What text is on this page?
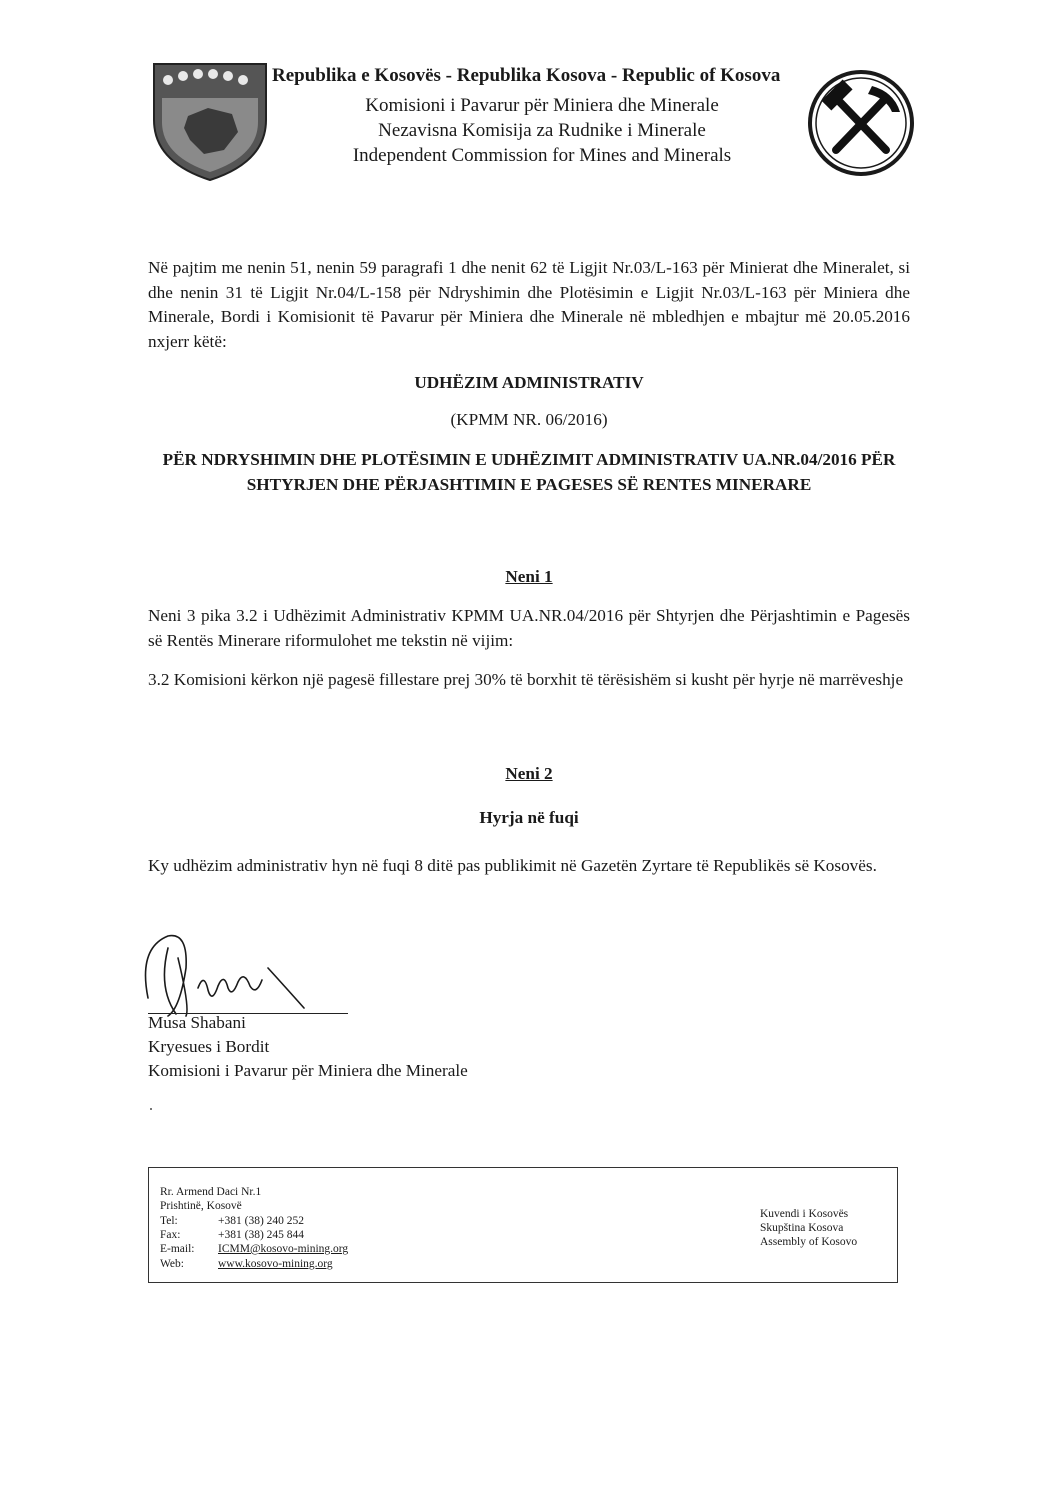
Republika e Kosovës - Republika Kosova - Republic of Kosova
Komisioni i Pavarur për Miniera dhe Minerale
Nezavisna Komisija za Rudnike i Minerale
Independent Commission for Mines and Minerals
Në pajtim me nenin 51, nenin 59 paragrafi 1 dhe nenit 62 të Ligjit Nr.03/L-163 për Minierat dhe Mineralet, si dhe nenin 31 të Ligjit Nr.04/L-158 për Ndryshimin dhe Plotësimin e Ligjit Nr.03/L-163 për Miniera dhe Minerale, Bordi i Komisionit të Pavarur për Miniera dhe Minerale në mbledhjen e mbajtur më 20.05.2016 nxjerr këtë:
UDHËZIM ADMINISTRATIV
(KPMM NR. 06/2016)
PËR NDRYSHIMIN DHE PLOTËSIMIN E UDHËZIMIT ADMINISTRATIV UA.NR.04/2016 PËR SHTYRJEN DHE PËRJASHTIMIN E PAGESES SË RENTES MINERARE
Neni 1
Neni 3 pika 3.2 i Udhëzimit Administrativ KPMM UA.NR.04/2016 për Shtyrjen dhe Përjashtimin e Pagesës së Rentës Minerare riformulohet me tekstin në vijim:
3.2 Komisioni kërkon një pagesë fillestare prej 30% të borxhit të tërësishëm si kusht për hyrje në marrëveshje
Neni 2
Hyrja në fuqi
Ky udhëzim administrativ hyn në fuqi 8 ditë pas publikimit në Gazetën Zyrtare të Republikës së Kosovës.
Musa Shabani
Kryesues i Bordit
Komisioni i Pavarur për Miniera dhe Minerale
Rr. Armend Daci Nr.1
Prishtinë, Kosovë
Tel:	+381 (38) 240 252
Fax:	+381 (38) 245 844
E-mail: ICMM@kosovo-mining.org
Web:	www.kosovo-mining.org
Kuvendi i Kosovës
Skupština Kosova
Assembly of Kosovo
